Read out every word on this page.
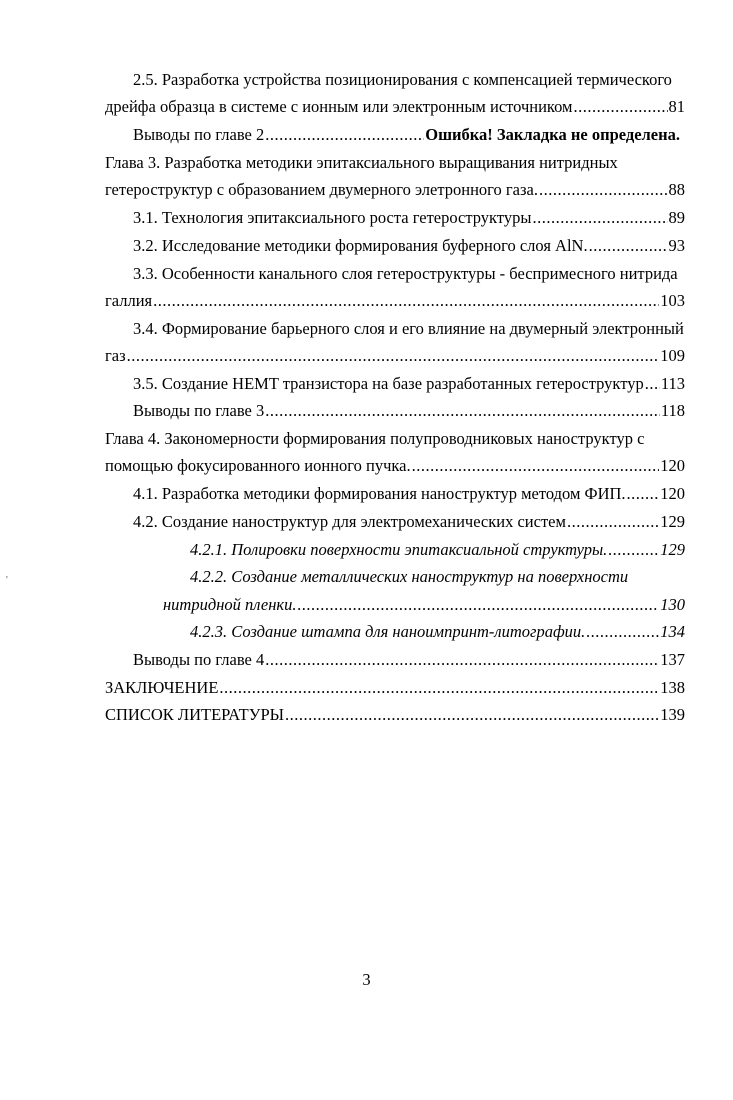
2.5. Разработка устройства позиционирования с компенсацией термического
дрейфа образца в системе с ионным или электронным источником .....	81
Выводы по главе 2 .....	Ошибка! Закладка не определена.
Глава 3. Разработка методики эпитаксиального выращивания нитридных
гетероструктур с образованием двумерного элетронного газа. .....	88
3.1. Технология эпитаксиального роста гетероструктуры .....	89
3.2. Исследование методики формирования буферного слоя AlN. .....	93
3.3. Особенности канального слоя гетероструктуры - беспримесного нитрида
галлия .....	103
3.4. Формирование барьерного слоя и его влияние на двумерный электронный
газ .....	109
3.5. Создание HEMT транзистора на базе разработанных гетероструктур ..... 113
Выводы по главе 3 .....	118
Глава 4. Закономерности формирования полупроводниковых наноструктур с
помощью фокусированного ионного пучка. .....	120
4.1. Разработка методики формирования наноструктур методом ФИП. ..... 120
4.2. Создание наноструктур для электромеханических систем .....	129
4.2.1. Полировки поверхности эпитаксиальной структуры. .....	129
4.2.2. Создание металлических наноструктур на поверхности
нитридной пленки. .....	130
4.2.3. Создание штампа для наноимпринт-литографии. .....	134
Выводы по главе 4 .....	137
ЗАКЛЮЧЕНИЕ .....	138
СПИСОК ЛИТЕРАТУРЫ .....	139
'
3
